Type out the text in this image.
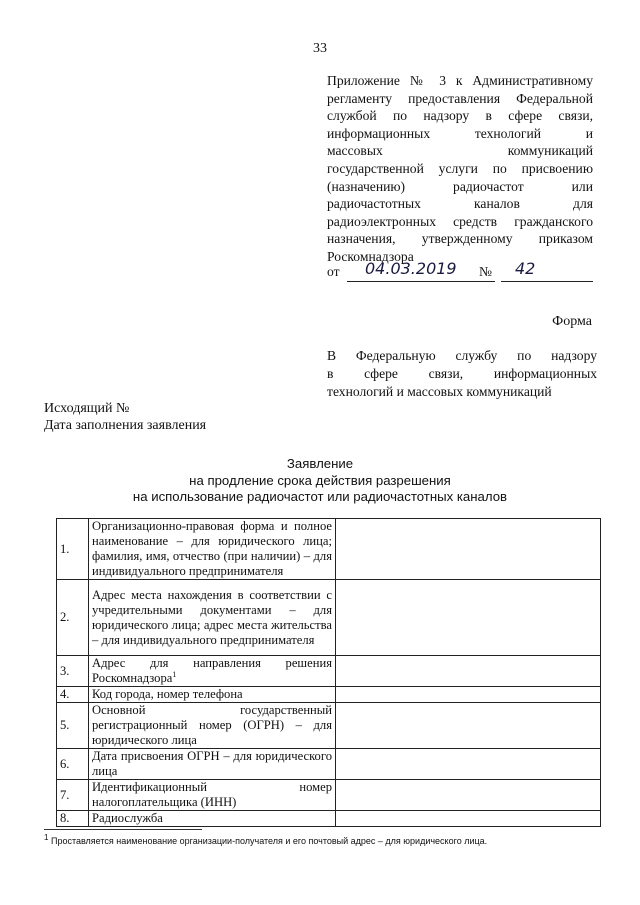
33
Приложение № 3 к Административному
регламенту предоставления Федеральной
службой по надзору в сфере связи,
информационных технологий и
массовых коммуникаций
государственной услуги по присвоению
(назначению) радиочастот или
радиочастотных каналов для
радиоэлектронных средств гражданского
назначения, утвержденному приказом
Роскомнадзора
от 04.03.2019 № 42
Форма
В Федеральную службу по надзору
в сфере связи, информационных
технологий и массовых коммуникаций
Исходящий №
Дата заполнения заявления
Заявление
на продление срока действия разрешения
на использование радиочастот или радиочастотных каналов
1.	Организационно-правовая форма и полное наименование – для юридического лица; фамилия, имя, отчество (при наличии) – для индивидуального предпринимателя	
2.	Адрес места нахождения в соответствии с учредительными документами – для юридического лица; адрес места жительства – для индивидуального предпринимателя	
3.	Адрес для направления решения Роскомнадзора$^1$	
4.	Код города, номер телефона	
5.	Основной государственный регистрационный номер (ОГРН) – для юридического лица	
6.	Дата присвоения ОГРН – для юридического лица	
7.	Идентификационный номер налогоплательщика (ИНН)	
8.	Радиослужба	
$^1$ Проставляется наименование организации-получателя и его почтовый адрес – для юридического лица.
